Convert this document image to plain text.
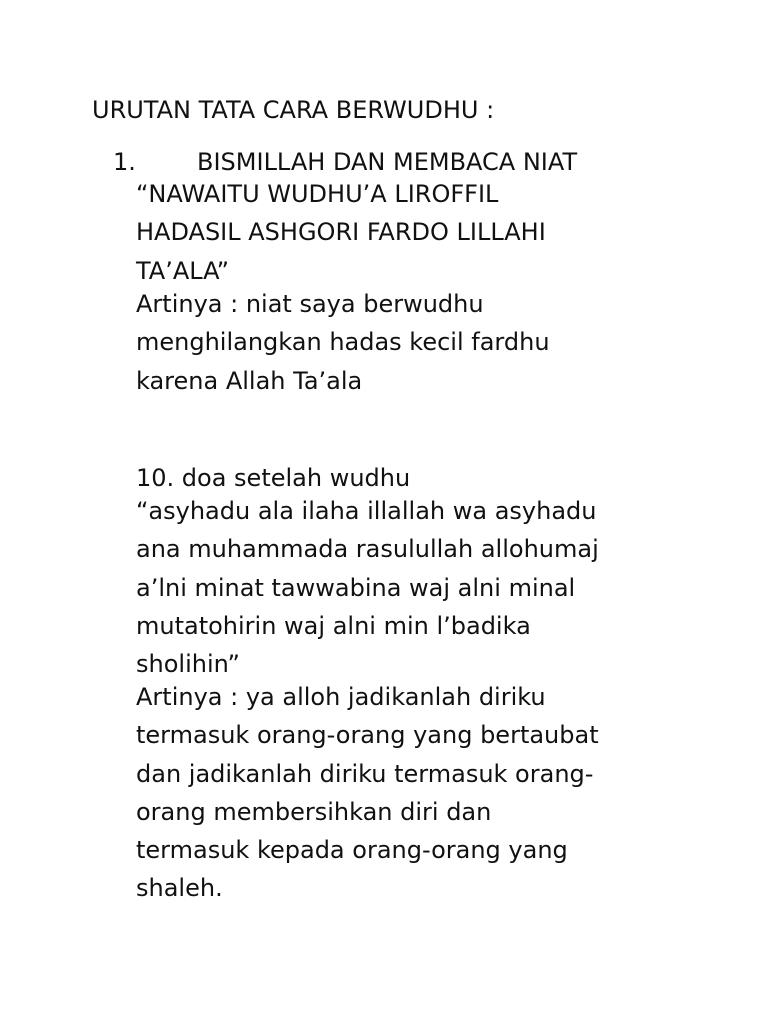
URUTAN TATA CARA BERWUDHU :
1.	BISMILLAH DAN MEMBACA NIAT
“NAWAITU WUDHU’A LIROFFIL
HADASIL ASHGORI FARDO LILLAHI
TA’ALA”
Artinya : niat saya berwudhu
menghilangkan hadas kecil fardhu
karena Allah Ta’ala
10. doa setelah wudhu
“asyhadu ala ilaha illallah wa asyhadu
ana muhammada rasulullah allohumaj
a’lni minat tawwabina waj alni minal
mutatohirin waj alni min l’badika
sholihin”
Artinya : ya alloh jadikanlah diriku
termasuk orang-orang yang bertaubat
dan jadikanlah diriku termasuk orang-
orang membersihkan diri dan
termasuk kepada orang-orang yang
shaleh.
